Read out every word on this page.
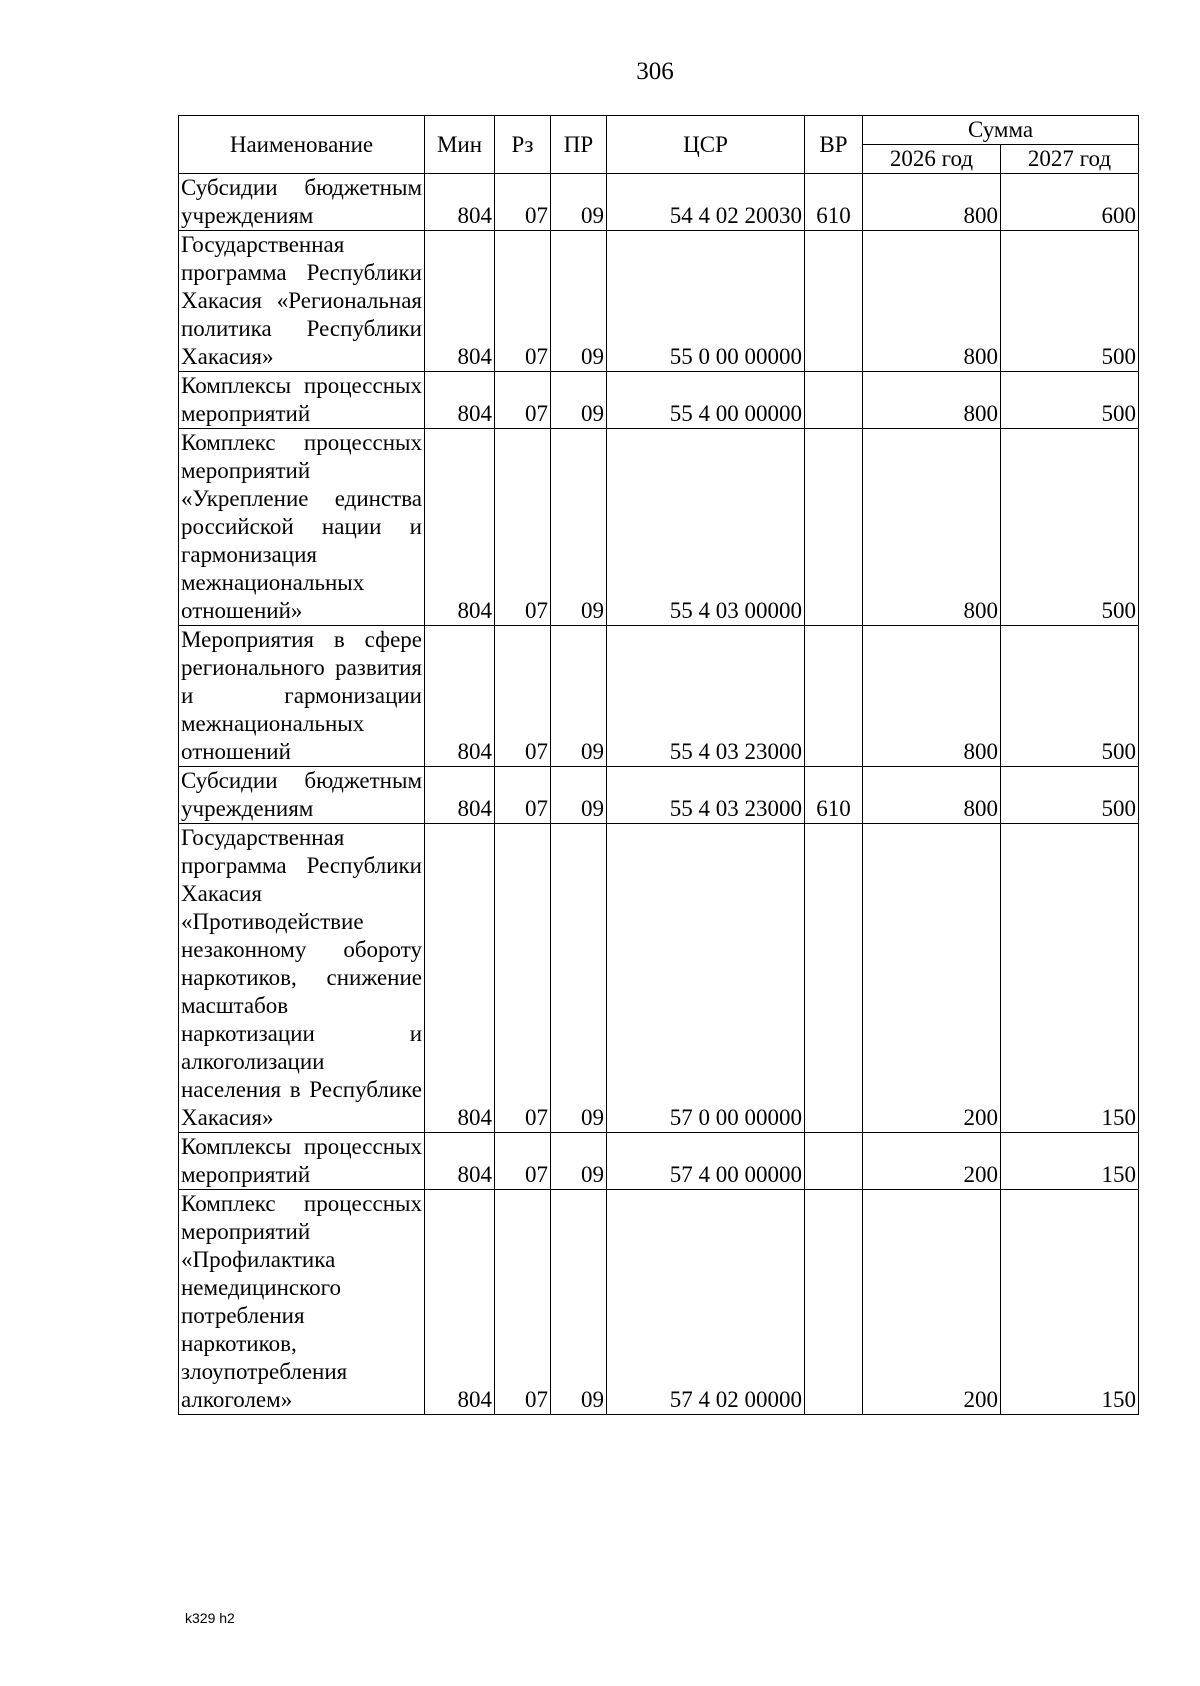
306
Наименование	Мин	Рз	ПР	ЦСР	ВР	Сумма	
						2026 год	2027 год
Субсидии бюджетным учреждениям	804	07	09	54 4 02 20030	610	800	600
Государственная программа Республики Хакасия «Региональная политика Республики Хакасия»	804	07	09	55 0 00 00000		800	500
Комплексы процессных мероприятий	804	07	09	55 4 00 00000		800	500
Комплекс процессных мероприятий «Укрепление единства российской нации и гармонизация межнациональных отношений»	804	07	09	55 4 03 00000		800	500
Мероприятия в сфере регионального развития и гармонизации межнациональных отношений	804	07	09	55 4 03 23000		800	500
Субсидии бюджетным учреждениям	804	07	09	55 4 03 23000	610	800	500
Государственная программа Республики Хакасия «Противодействие незаконному обороту наркотиков, снижение масштабов наркотизации и алкоголизации населения в Республике Хакасия»	804	07	09	57 0 00 00000		200	150
Комплексы процессных мероприятий	804	07	09	57 4 00 00000		200	150
Комплекс процессных мероприятий «Профилактика немедицинского потребления наркотиков, злоупотребления алкоголем»	804	07	09	57 4 02 00000		200	150
k329 h2
